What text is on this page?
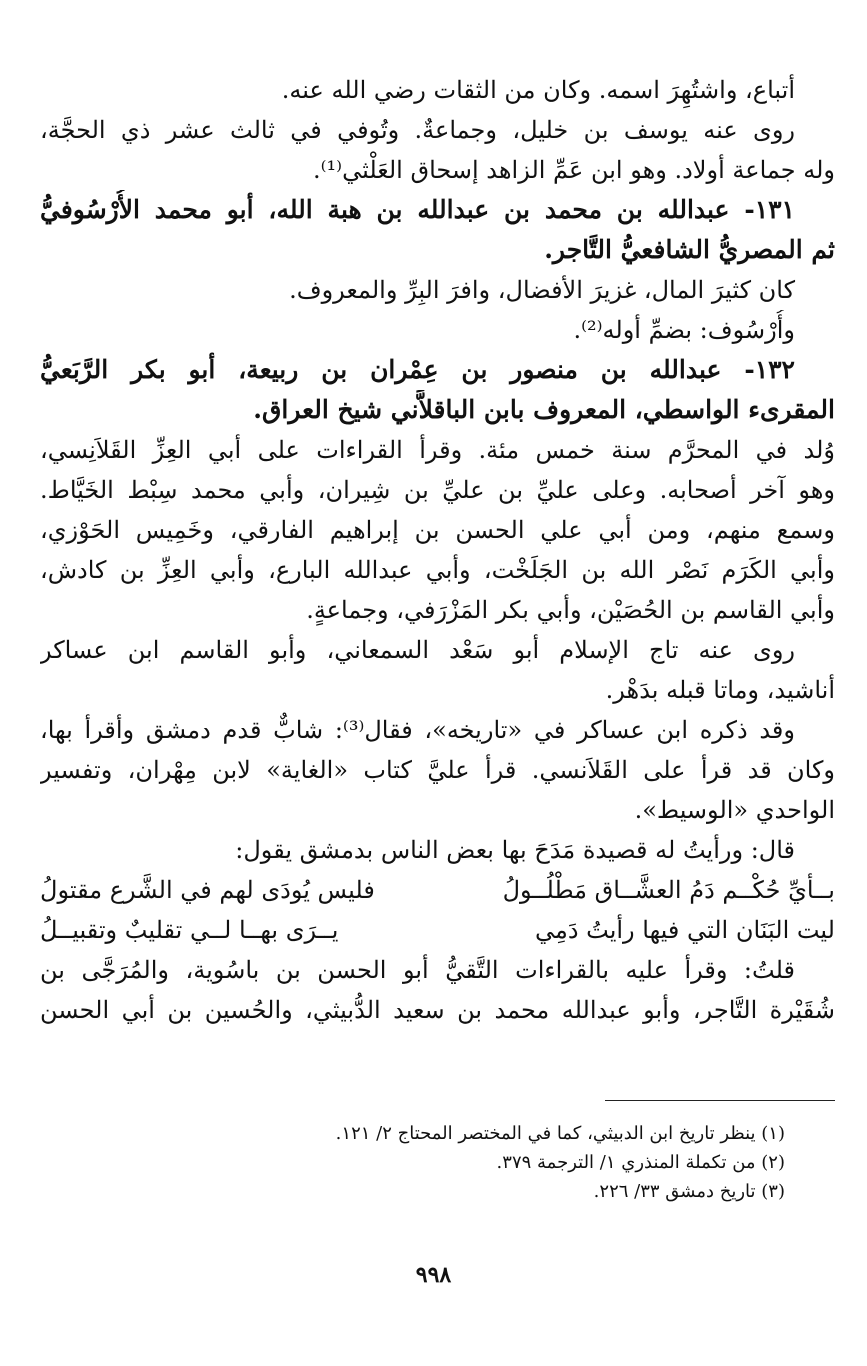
أتباع، واشتُهِرَ اسمه. وكان من الثقات رضي الله عنه.
روى عنه يوسف بن خليل، وجماعةٌ. وتُوفي في ثالث عشر ذي الحجَّة،
وله جماعة أولاد. وهو ابن عَمِّ الزاهد إسحاق العَلْثي⁽¹⁾.
١٣١- عبدالله بن محمد بن عبدالله بن هبة الله، أبو محمد الأُرْسُوفيُّ
ثم المصريُّ الشافعيُّ التَّاجر.
كان كثيرَ المال، غزيرَ الأفضال، وافرَ البِرِّ والمعروف.
وأُرْسُوف: بضمِّ أوله⁽²⁾.
١٣٢- عبدالله بن منصور بن عِمْران بن ربيعة، أبو بكر الرَّبَعيُّ
المقرىء الواسطي، المعروف بابن الباقلاَّني شيخ العراق.
وُلد في المحرَّم سنة خمس مئة. وقرأ القراءات على أبي العِزِّ القَلاَنِسي،
وهو آخر أصحابه. وعلى عليِّ بن عليِّ بن شِيران، وأبي محمد سِبْط الخَيَّاط.
وسمع منهم، ومن أبي علي الحسن بن إبراهيم الفارقي، وخَمِيس الحَوْزي،
وأبي الكَرَم نَصْر الله بن الجَلَخْت، وأبي عبدالله البارع، وأبي العِزِّ بن كادش،
وأبي القاسم بن الحُصَيْن، وأبي بكر المَزْرَفي، وجماعةٍ.
روى عنه تاج الإسلام أبو سَعْد السمعاني، وأبو القاسم ابن عساكر
أناشيد، وماتا قبله بدَهْر.
وقد ذكره ابن عساكر في «تاريخه»، فقال⁽³⁾: شابٌّ قدم دمشق وأقرأ بها،
وكان قد قرأ على القَلاَنسي. قرأ عليَّ كتاب «الغاية» لابن مِهْران، وتفسير
الواحدي «الوسيط».
قال: ورأيتُ له قصيدة مَدَحَ بها بعض الناس بدمشق يقول:
بــأيِّ حُكْــم دَمُ العشَّــاق مَطْلُــولُ
فليس يُودَى لهم في الشَّرع مقتولُ
ليت البَنَان التي فيها رأيتُ دَمِي
يــرَى بهــا لــي تقليبٌ وتقبيــلُ
قلتُ: وقرأ عليه بالقراءات التَّقيُّ أبو الحسن بن باسُوية، والمُرَجَّى بن
شُقَيْرة التَّاجر، وأبو عبدالله محمد بن سعيد الدُّبيثي، والحُسين بن أبي الحسن
(١) ينظر تاريخ ابن الدبيثي، كما في المختصر المحتاج ٢/ ١٢١.
(٢) من تكملة المنذري ١/ الترجمة ٣٧٩.
(٣) تاريخ دمشق ٣٣/ ٢٢٦.
٩٩٨
